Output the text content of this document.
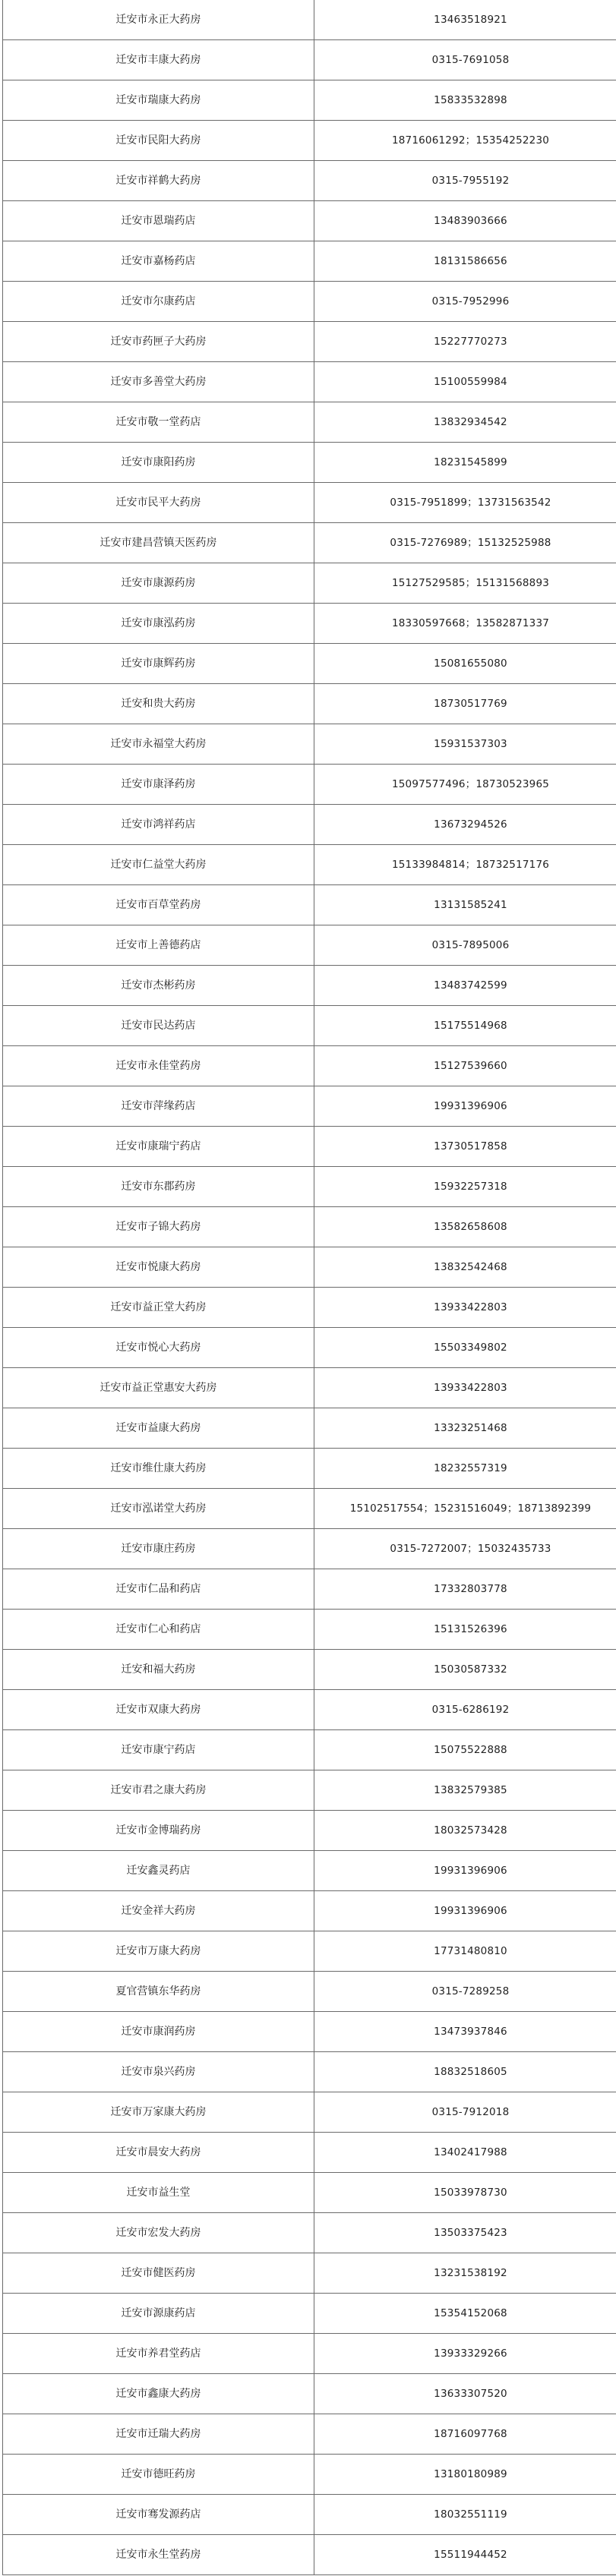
迁安市永正大药房	13463518921
迁安市丰康大药房	0315-7691058
迁安市瑞康大药房	15833532898
迁安市民阳大药房	18716061292；15354252230
迁安市祥鹤大药房	0315-7955192
迁安市恩瑞药店	13483903666
迁安市嘉杨药店	18131586656
迁安市尔康药店	0315-7952996
迁安市药匣子大药房	15227770273
迁安市多善堂大药房	15100559984
迁安市敬一堂药店	13832934542
迁安市康阳药房	18231545899
迁安市民平大药房	0315-7951899；13731563542
迁安市建昌营镇天医药房	0315-7276989；15132525988
迁安市康源药房	15127529585；15131568893
迁安市康泓药房	18330597668；13582871337
迁安市康辉药房	15081655080
迁安和贵大药房	18730517769
迁安市永福堂大药房	15931537303
迁安市康泽药房	15097577496；18730523965
迁安市鸿祥药店	13673294526
迁安市仁益堂大药房	15133984814；18732517176
迁安市百草堂药房	13131585241
迁安市上善德药店	0315-7895006
迁安市杰彬药房	13483742599
迁安市民达药店	15175514968
迁安市永佳堂药房	15127539660
迁安市萍缘药店	19931396906
迁安市康瑞宁药店	13730517858
迁安市东郡药房	15932257318
迁安市子锦大药房	13582658608
迁安市悦康大药房	13832542468
迁安市益正堂大药房	13933422803
迁安市悦心大药房	15503349802
迁安市益正堂惠安大药房	13933422803
迁安市益康大药房	13323251468
迁安市维仕康大药房	18232557319
迁安市泓诺堂大药房	15102517554；15231516049；18713892399
迁安市康庄药房	0315-7272007；15032435733
迁安市仁品和药店	17332803778
迁安市仁心和药店	15131526396
迁安和福大药房	15030587332
迁安市双康大药房	0315-6286192
迁安市康宁药店	15075522888
迁安市君之康大药房	13832579385
迁安市金博瑞药房	18032573428
迁安鑫灵药店	19931396906
迁安金祥大药房	19931396906
迁安市万康大药房	17731480810
夏官营镇东华药房	0315-7289258
迁安市康润药房	13473937846
迁安市泉兴药房	18832518605
迁安市万家康大药房	0315-7912018
迁安市晨安大药房	13402417988
迁安市益生堂	15033978730
迁安市宏发大药房	13503375423
迁安市健医药房	13231538192
迁安市源康药店	15354152068
迁安市养君堂药店	13933329266
迁安市鑫康大药房	13633307520
迁安市迁瑞大药房	18716097768
迁安市德旺药房	13180180989
迁安市骞发源药店	18032551119
迁安市永生堂药房	15511944452
